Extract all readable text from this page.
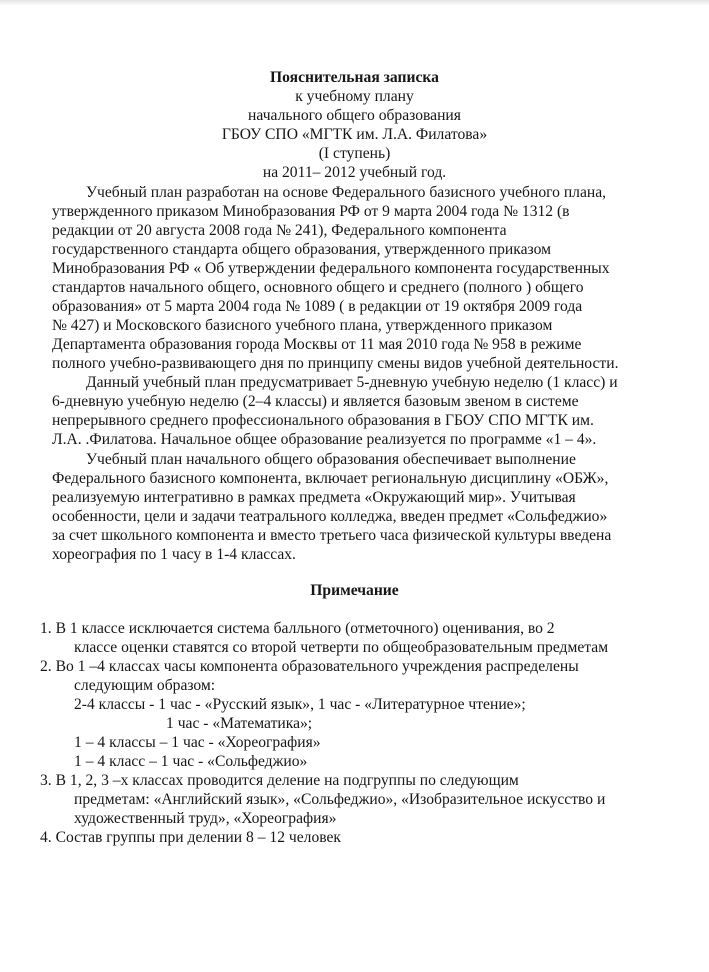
Пояснительная записка
к учебному плану
начального общего образования
ГБОУ СПО «МГТК им. Л.А. Филатова»
(I ступень)
на 2011– 2012 учебный год.
Учебный план разработан на основе Федерального базисного учебного плана,
утвержденного приказом Минобразования РФ от 9 марта 2004 года № 1312 (в
редакции от 20 августа 2008 года № 241), Федерального компонента
государственного стандарта общего образования, утвержденного приказом
Минобразования РФ « Об утверждении федерального компонента государственных
стандартов начального общего, основного общего и среднего (полного ) общего
образования» от 5 марта 2004 года № 1089 ( в редакции от 19 октября 2009 года
№ 427) и Московского базисного учебного плана, утвержденного приказом
Департамента образования города Москвы от 11 мая 2010 года № 958 в режиме
полного учебно-развивающего дня по принципу смены видов учебной деятельности.
Данный учебный план предусматривает 5-дневную учебную неделю (1 класс) и
6-дневную учебную неделю (2–4 классы) и является базовым звеном в системе
непрерывного среднего профессионального образования в ГБОУ СПО МГТК им.
Л.А. .Филатова. Начальное общее образование реализуется по программе «1 – 4».
Учебный план начального общего образования обеспечивает выполнение
Федерального базисного компонента, включает региональную дисциплину «ОБЖ»,
реализуемую интегративно в рамках предмета «Окружающий мир». Учитывая
особенности, цели и задачи театрального колледжа, введен предмет «Сольфеджио»
за счет школьного компонента и вместо третьего часа физической культуры введена
хореография по 1 часу в 1-4 классах.
Примечание
1. В 1 классе исключается система балльного (отметочного) оценивания, во 2
классе оценки ставятся со второй четверти по общеобразовательным предметам
2. Во 1 –4 классах часы компонента образовательного учреждения распределены
следующим образом:
2-4 классы - 1 час - «Русский язык», 1 час - «Литературное чтение»;
1 час - «Математика»;
1 – 4 классы – 1 час - «Хореография»
1 – 4 класс – 1 час - «Сольфеджио»
3. В 1, 2, 3 –х классах проводится деление на подгруппы по следующим
предметам: «Английский язык», «Сольфеджио», «Изобразительное искусство и
художественный труд», «Хореография»
4. Состав группы при делении 8 – 12 человек
